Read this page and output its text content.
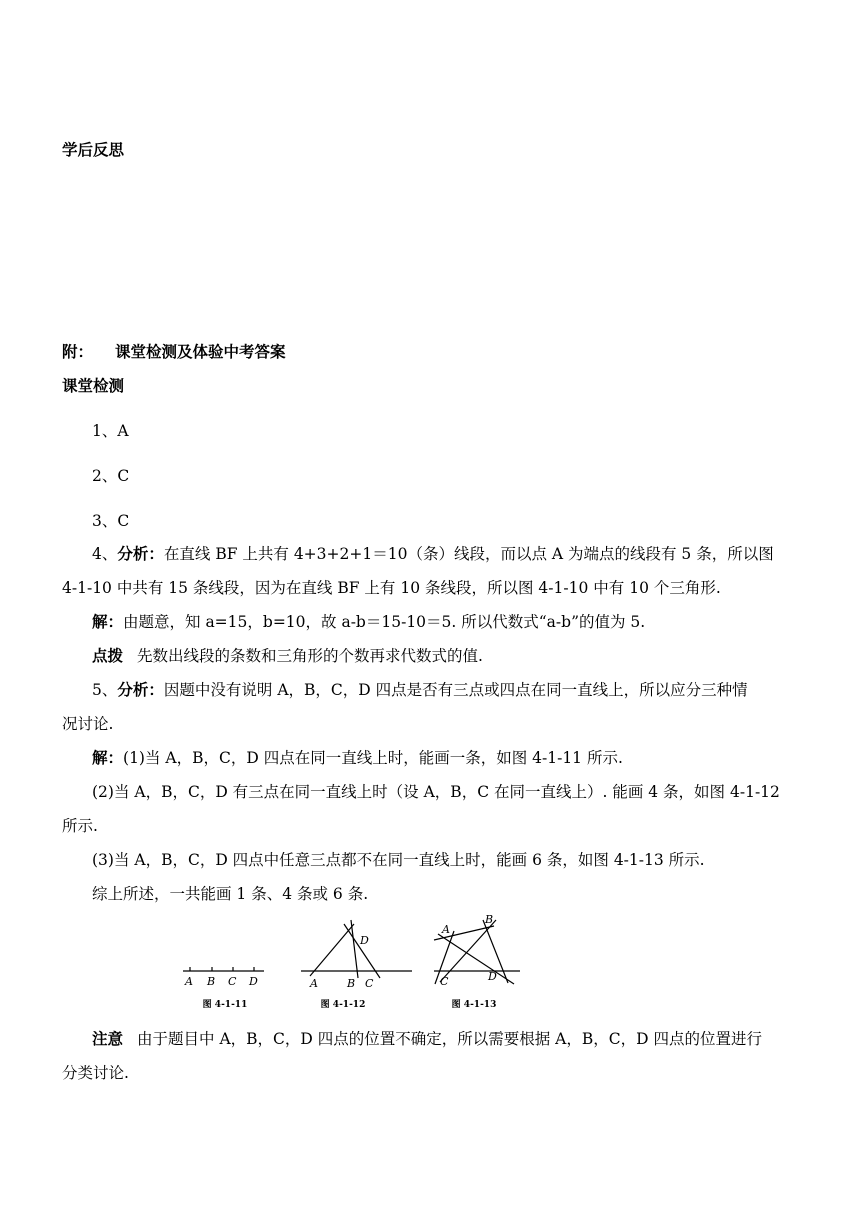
学后反思
附： 课堂检测及体验中考答案
课堂检测
1、A
2、C
3、C
4、分析：在直线 BF 上共有 4+3+2+1＝10（条）线段，而以点 A 为端点的线段有 5 条，所以图
4-1-10 中共有 15 条线段，因为在直线 BF 上有 10 条线段，所以图 4-1-10 中有 10 个三角形.
解：由题意，知 a=15，b=10，故 a-b＝15-10＝5. 所以代数式“a-b”的值为 5.
点拨 先数出线段的条数和三角形的个数再求代数式的值.
5、分析：因题中没有说明 A，B，C，D 四点是否有三点或四点在同一直线上，所以应分三种情
况讨论.
解：(1)当 A，B，C，D 四点在同一直线上时，能画一条，如图 4-1-11 所示.
(2)当 A，B，C，D 有三点在同一直线上时（设 A，B，C 在同一直线上）. 能画 4 条，如图 4-1-12
所示.
(3)当 A，B，C，D 四点中任意三点都不在同一直线上时，能画 6 条，如图 4-1-13 所示.
综上所述，一共能画 1 条、4 条或 6 条.
A B C D
图 4-1-11
A	B C
D
图 4-1-12
A
B
C	D
图 4-1-13
注意 由于题目中 A，B，C，D 四点的位置不确定，所以需要根据 A，B，C，D 四点的位置进行
分类讨论.
